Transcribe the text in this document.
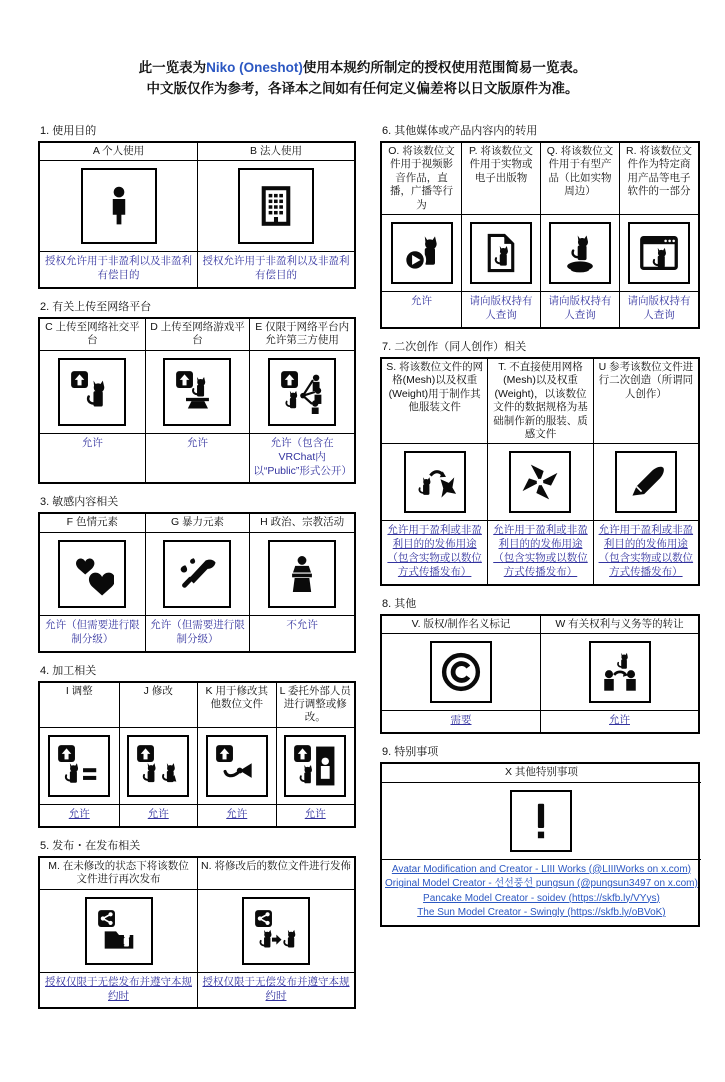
此一览表为Niko (Oneshot)使用本规约所制定的授权使用范围简易一览表。
中文版仅作为参考，各译本之间如有任何定义偏差将以日文版原件为准。
1. 使用目的
A 个人使用
授权允许用于非盈利以及非盈利有偿目的
B 法人使用
授权允许用于非盈利以及非盈利有偿目的
2. 有关上传至网络平台
C 上传至网络社交平台
允许
D 上传至网络游戏平台
允许
E 仅限于网络平台内允许第三方使用
允许（包含在VRChat内以“Public”形式公开）
3. 敏感内容相关
F 色情元素
允许（但需要进行限制分级）
G 暴力元素
允许（但需要进行限制分级）
H 政治、宗教活动
不允许
4. 加工相关
I 调整
允许
J 修改
允许
K 用于修改其他数位文件
允许
L 委托外部人员进行调整或修改。
允许
5. 发布・在发布相关
M. 在未修改的状态下将该数位文件进行再次发布
授权仅限于无偿发布并遵守本规约时
N. 将修改后的数位文件进行发佈
授权仅限于无偿发布并遵守本规约时
6. 其他媒体或产品内容内的转用
O. 将该数位文件用于视频影音作品，直播，广播等行为
允许
P. 将该数位文件用于实物或电子出版物
请向版权持有人查询
Q. 将该数位文件用于有型产品（比如实物周边）
请向版权持有人查询
R. 将该数位文件作为特定商用产品等电子软件的一部分
请向版权持有人查询
7. 二次创作（同人创作）相关
S. 将该数位文件的网格(Mesh)以及权重(Weight)用于制作其他服装文件
允许用于盈利或非盈利目的的发佈用途（包含实物或以数位方式传播发布）
T. 不直接使用网格(Mesh)以及权重(Weight)，以该数位文件的数据规格为基础制作新的服装、质感文件
允许用于盈利或非盈利目的的发佈用途（包含实物或以数位方式传播发布）
U 参考该数位文件进行二次创造（所谓同人创作）
允许用于盈利或非盈利目的的发佈用途（包含实物或以数位方式传播发布）
8. 其他
V. 版权/制作名义标记
需要
W 有关权利与义务等的转让
允许
9. 特别事项
X 其他特别事项
Avatar Modification and Creator - LIII Works (@LIIIWorks on x.com)
Original Model Creator - 선선풍선 pungsun (@pungsun3497 on x.com)
Pancake Model Creator - soidev (https://skfb.ly/VYys)
The Sun Model Creator - Swingly (https://skfb.ly/oBVoK)
